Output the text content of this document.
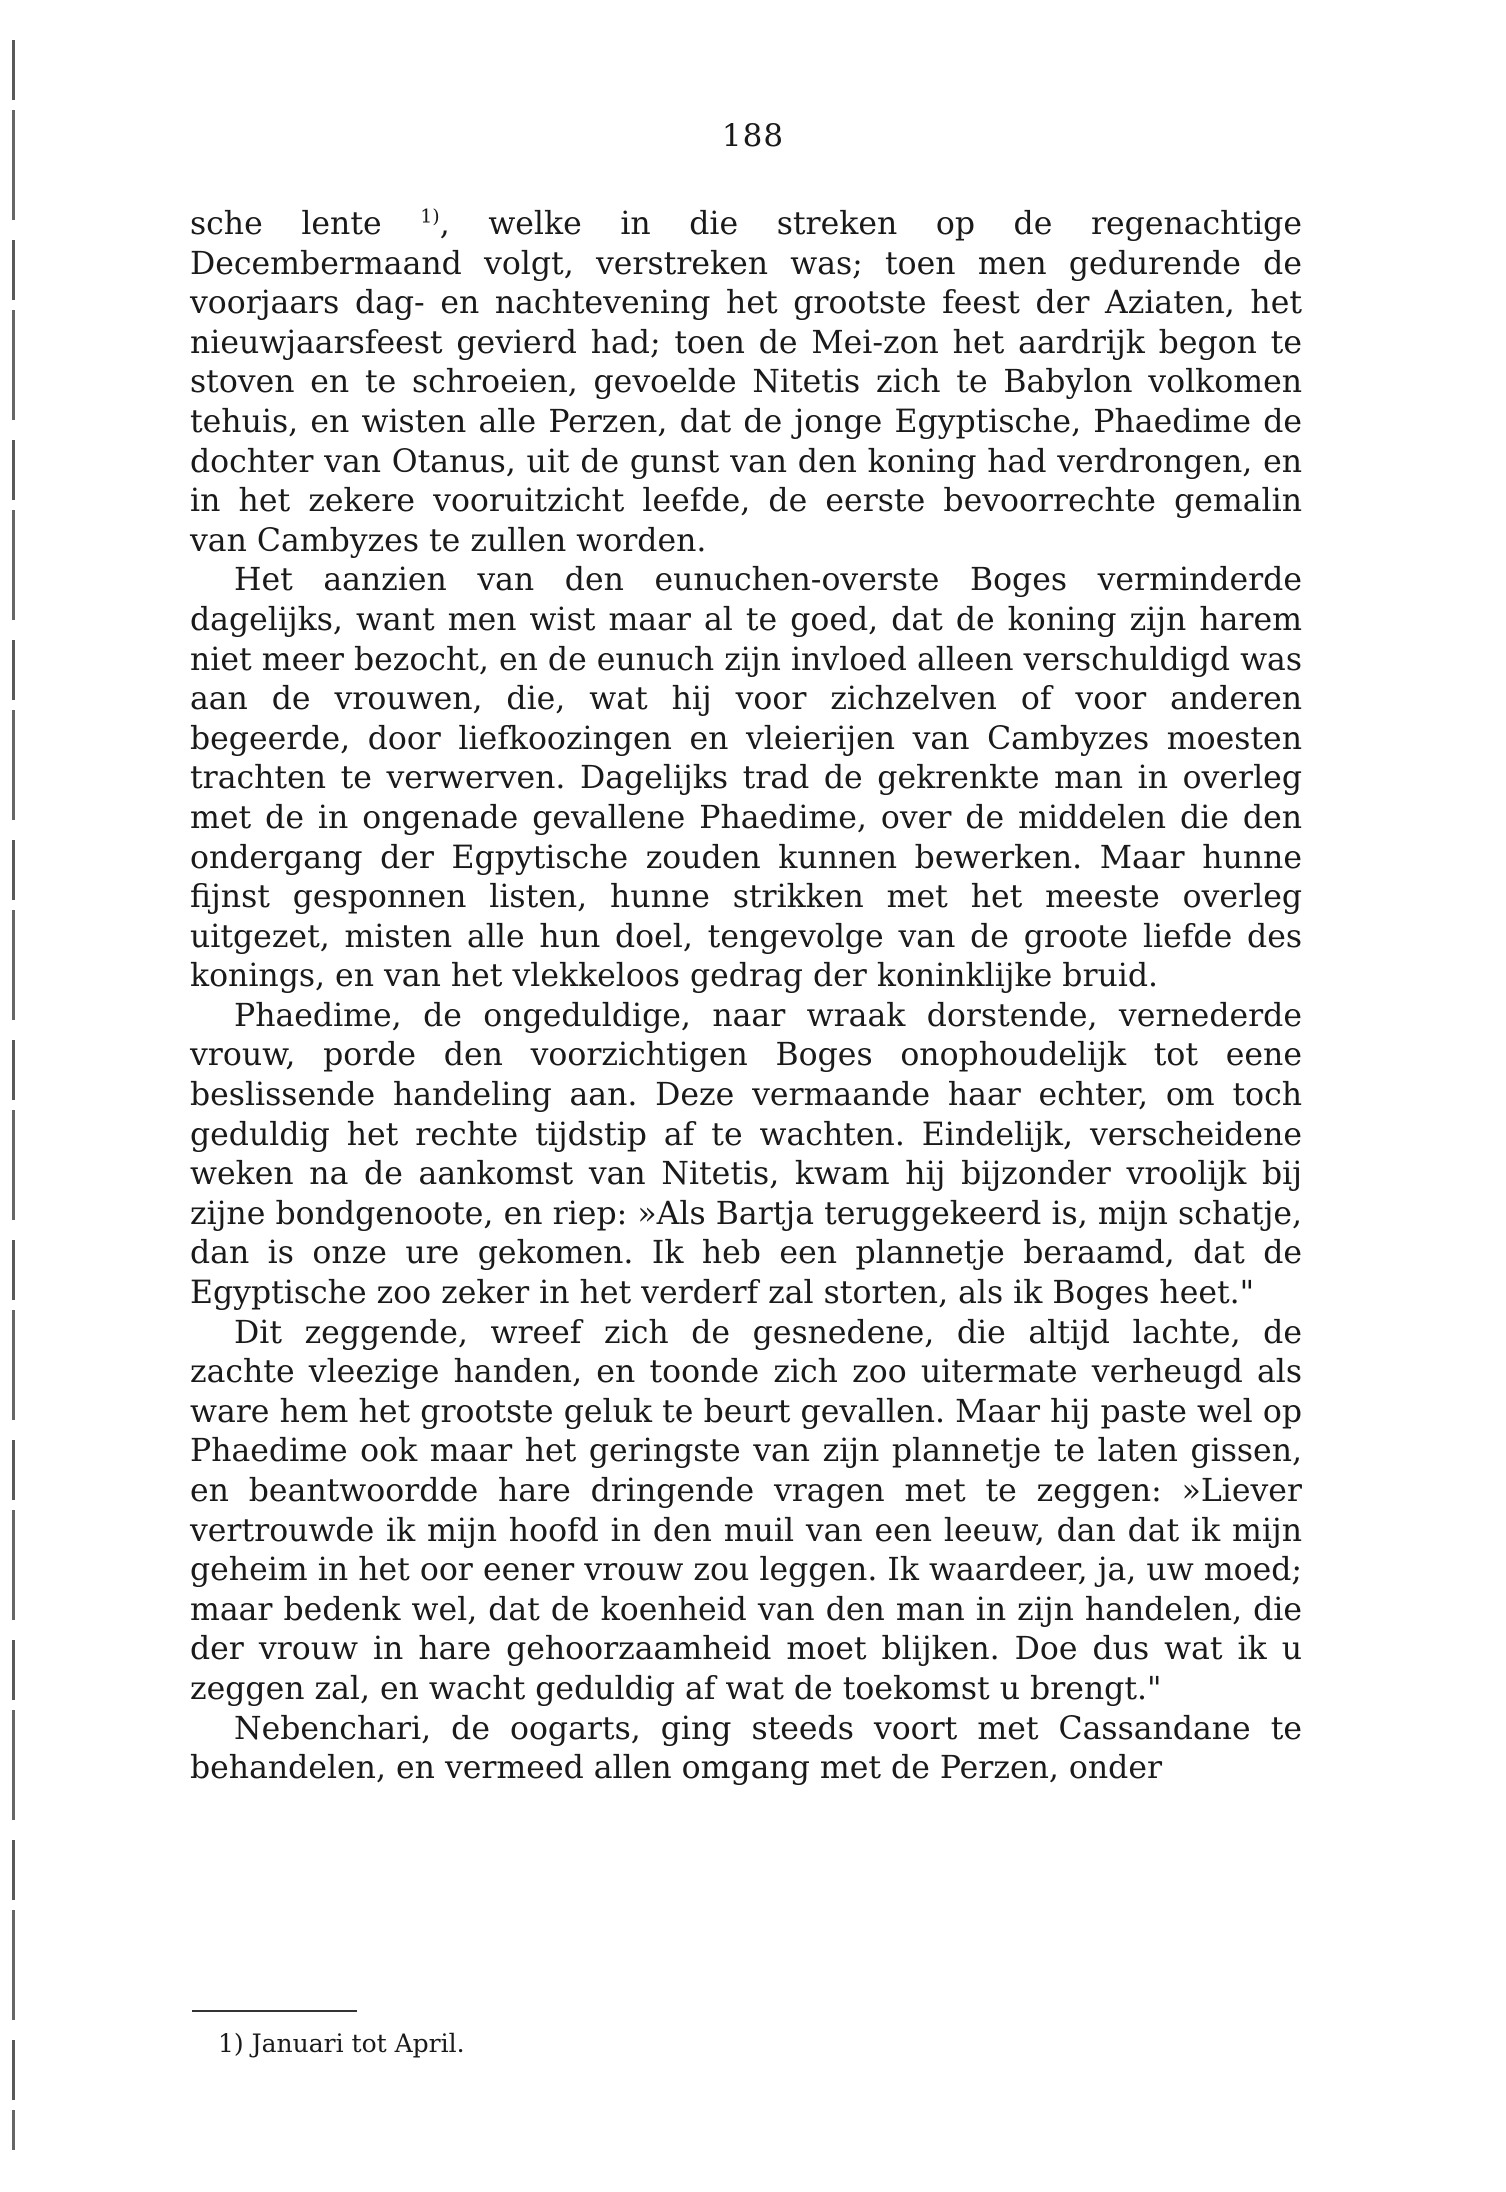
188

sche lente $^{1)}$, welke in die streken op de regenachtige Decembermaand volgt, verstreken was; toen men gedurende de voorjaars dag- en nachtevening het grootste feest der Aziaten, het nieuwjaarsfeest gevierd had; toen de Mei-zon het aardrijk begon te stoven en te schroeien, gevoelde Nitetis zich te Babylon volkomen tehuis, en wisten alle Perzen, dat de jonge Egyptische, Phaedime de dochter van Otanus, uit de gunst van den koning had verdrongen, en in het zekere vooruitzicht leefde, de eerste bevoorrechte gemalin van Cambyzes te zullen worden.

Het aanzien van den eunuchen-overste Boges verminderde dagelijks, want men wist maar al te goed, dat de koning zijn harem niet meer bezocht, en de eunuch zijn invloed alleen verschuldigd was aan de vrouwen, die, wat hij voor zichzelven of voor anderen begeerde, door liefkoozingen en vleierijen van Cambyzes moesten trachten te verwerven. Dagelijks trad de gekrenkte man in overleg met de in ongenade gevallene Phaedime, over de middelen die den ondergang der Egpytische zouden kunnen bewerken. Maar hunne fijnst gesponnen listen, hunne strikken met het meeste overleg uitgezet, misten alle hun doel, tengevolge van de groote liefde des konings, en van het vlekkeloos gedrag der koninklijke bruid.

Phaedime, de ongeduldige, naar wraak dorstende, vernederde vrouw, porde den voorzichtigen Boges onophoudelijk tot eene beslissende handeling aan. Deze vermaande haar echter, om toch geduldig het rechte tijdstip af te wachten. Eindelijk, verscheidene weken na de aankomst van Nitetis, kwam hij bijzonder vroolijk bij zijne bondgenoote, en riep: »Als Bartja teruggekeerd is, mijn schatje, dan is onze ure gekomen. Ik heb een plannetje beraamd, dat de Egyptische zoo zeker in het verderf zal storten, als ik Boges heet."

Dit zeggende, wreef zich de gesnedene, die altijd lachte, de zachte vleezige handen, en toonde zich zoo uitermate verheugd als ware hem het grootste geluk te beurt gevallen. Maar hij paste wel op Phaedime ook maar het geringste van zijn plannetje te laten gissen, en beantwoordde hare dringende vragen met te zeggen: »Liever vertrouwde ik mijn hoofd in den muil van een leeuw, dan dat ik mijn geheim in het oor eener vrouw zou leggen. Ik waardeer, ja, uw moed; maar bedenk wel, dat de koenheid van den man in zijn handelen, die der vrouw in hare gehoorzaamheid moet blijken. Doe dus wat ik u zeggen zal, en wacht geduldig af wat de toekomst u brengt."

Nebenchari, de oogarts, ging steeds voort met Cassandane te behandelen, en vermeed allen omgang met de Perzen, onder

1) Januari tot April.
